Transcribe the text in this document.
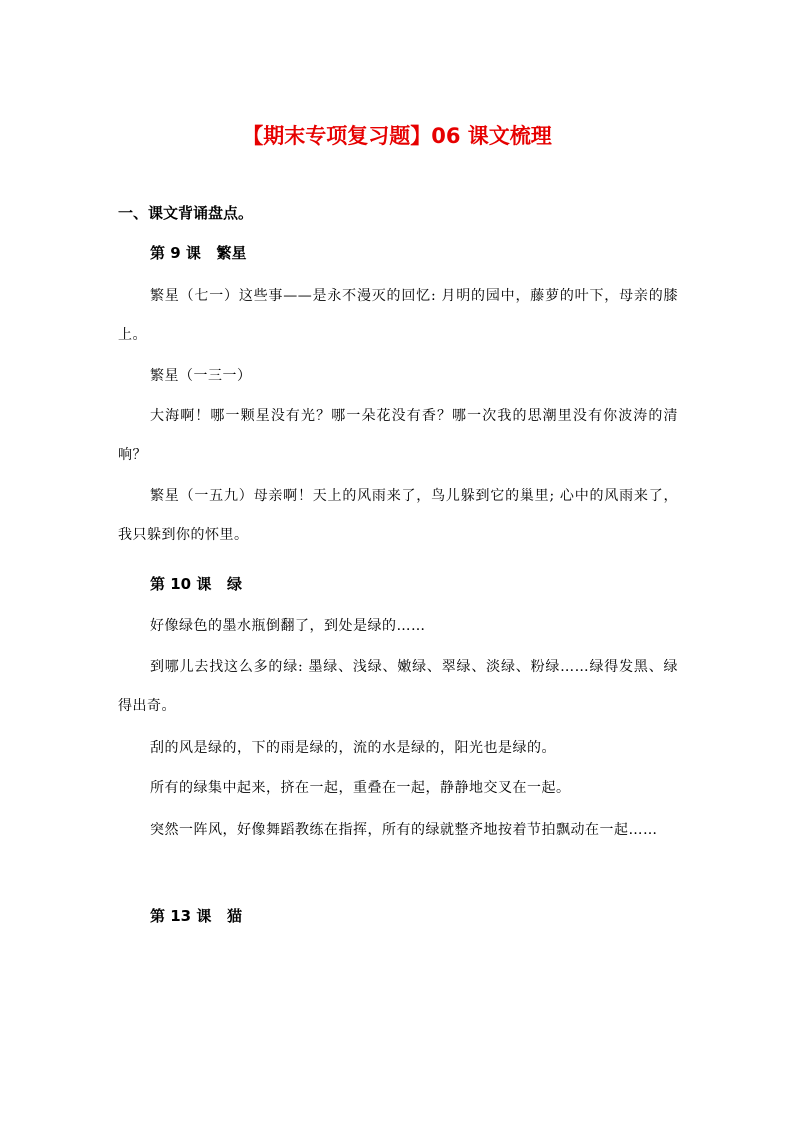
【期末专项复习题】06 课文梳理
一、课文背诵盘点。
第 9 课   繁星
繁星（七一）这些事——是永不漫灭的回忆: 月明的园中，藤萝的叶下，母亲的膝上。
繁星（一三一）
大海啊！哪一颗星没有光？哪一朵花没有香？哪一次我的思潮里没有你波涛的清响？
繁星（一五九）母亲啊！天上的风雨来了，鸟儿躲到它的巢里; 心中的风雨来了，我只躲到你的怀里。
第 10 课   绿
好像绿色的墨水瓶倒翻了，到处是绿的……
到哪儿去找这么多的绿: 墨绿、浅绿、嫩绿、翠绿、淡绿、粉绿……绿得发黑、绿得出奇。
刮的风是绿的，下的雨是绿的，流的水是绿的，阳光也是绿的。
所有的绿集中起来，挤在一起，重叠在一起，静静地交叉在一起。
突然一阵风，好像舞蹈教练在指挥，所有的绿就整齐地按着节拍飘动在一起……
第 13 课   猫
